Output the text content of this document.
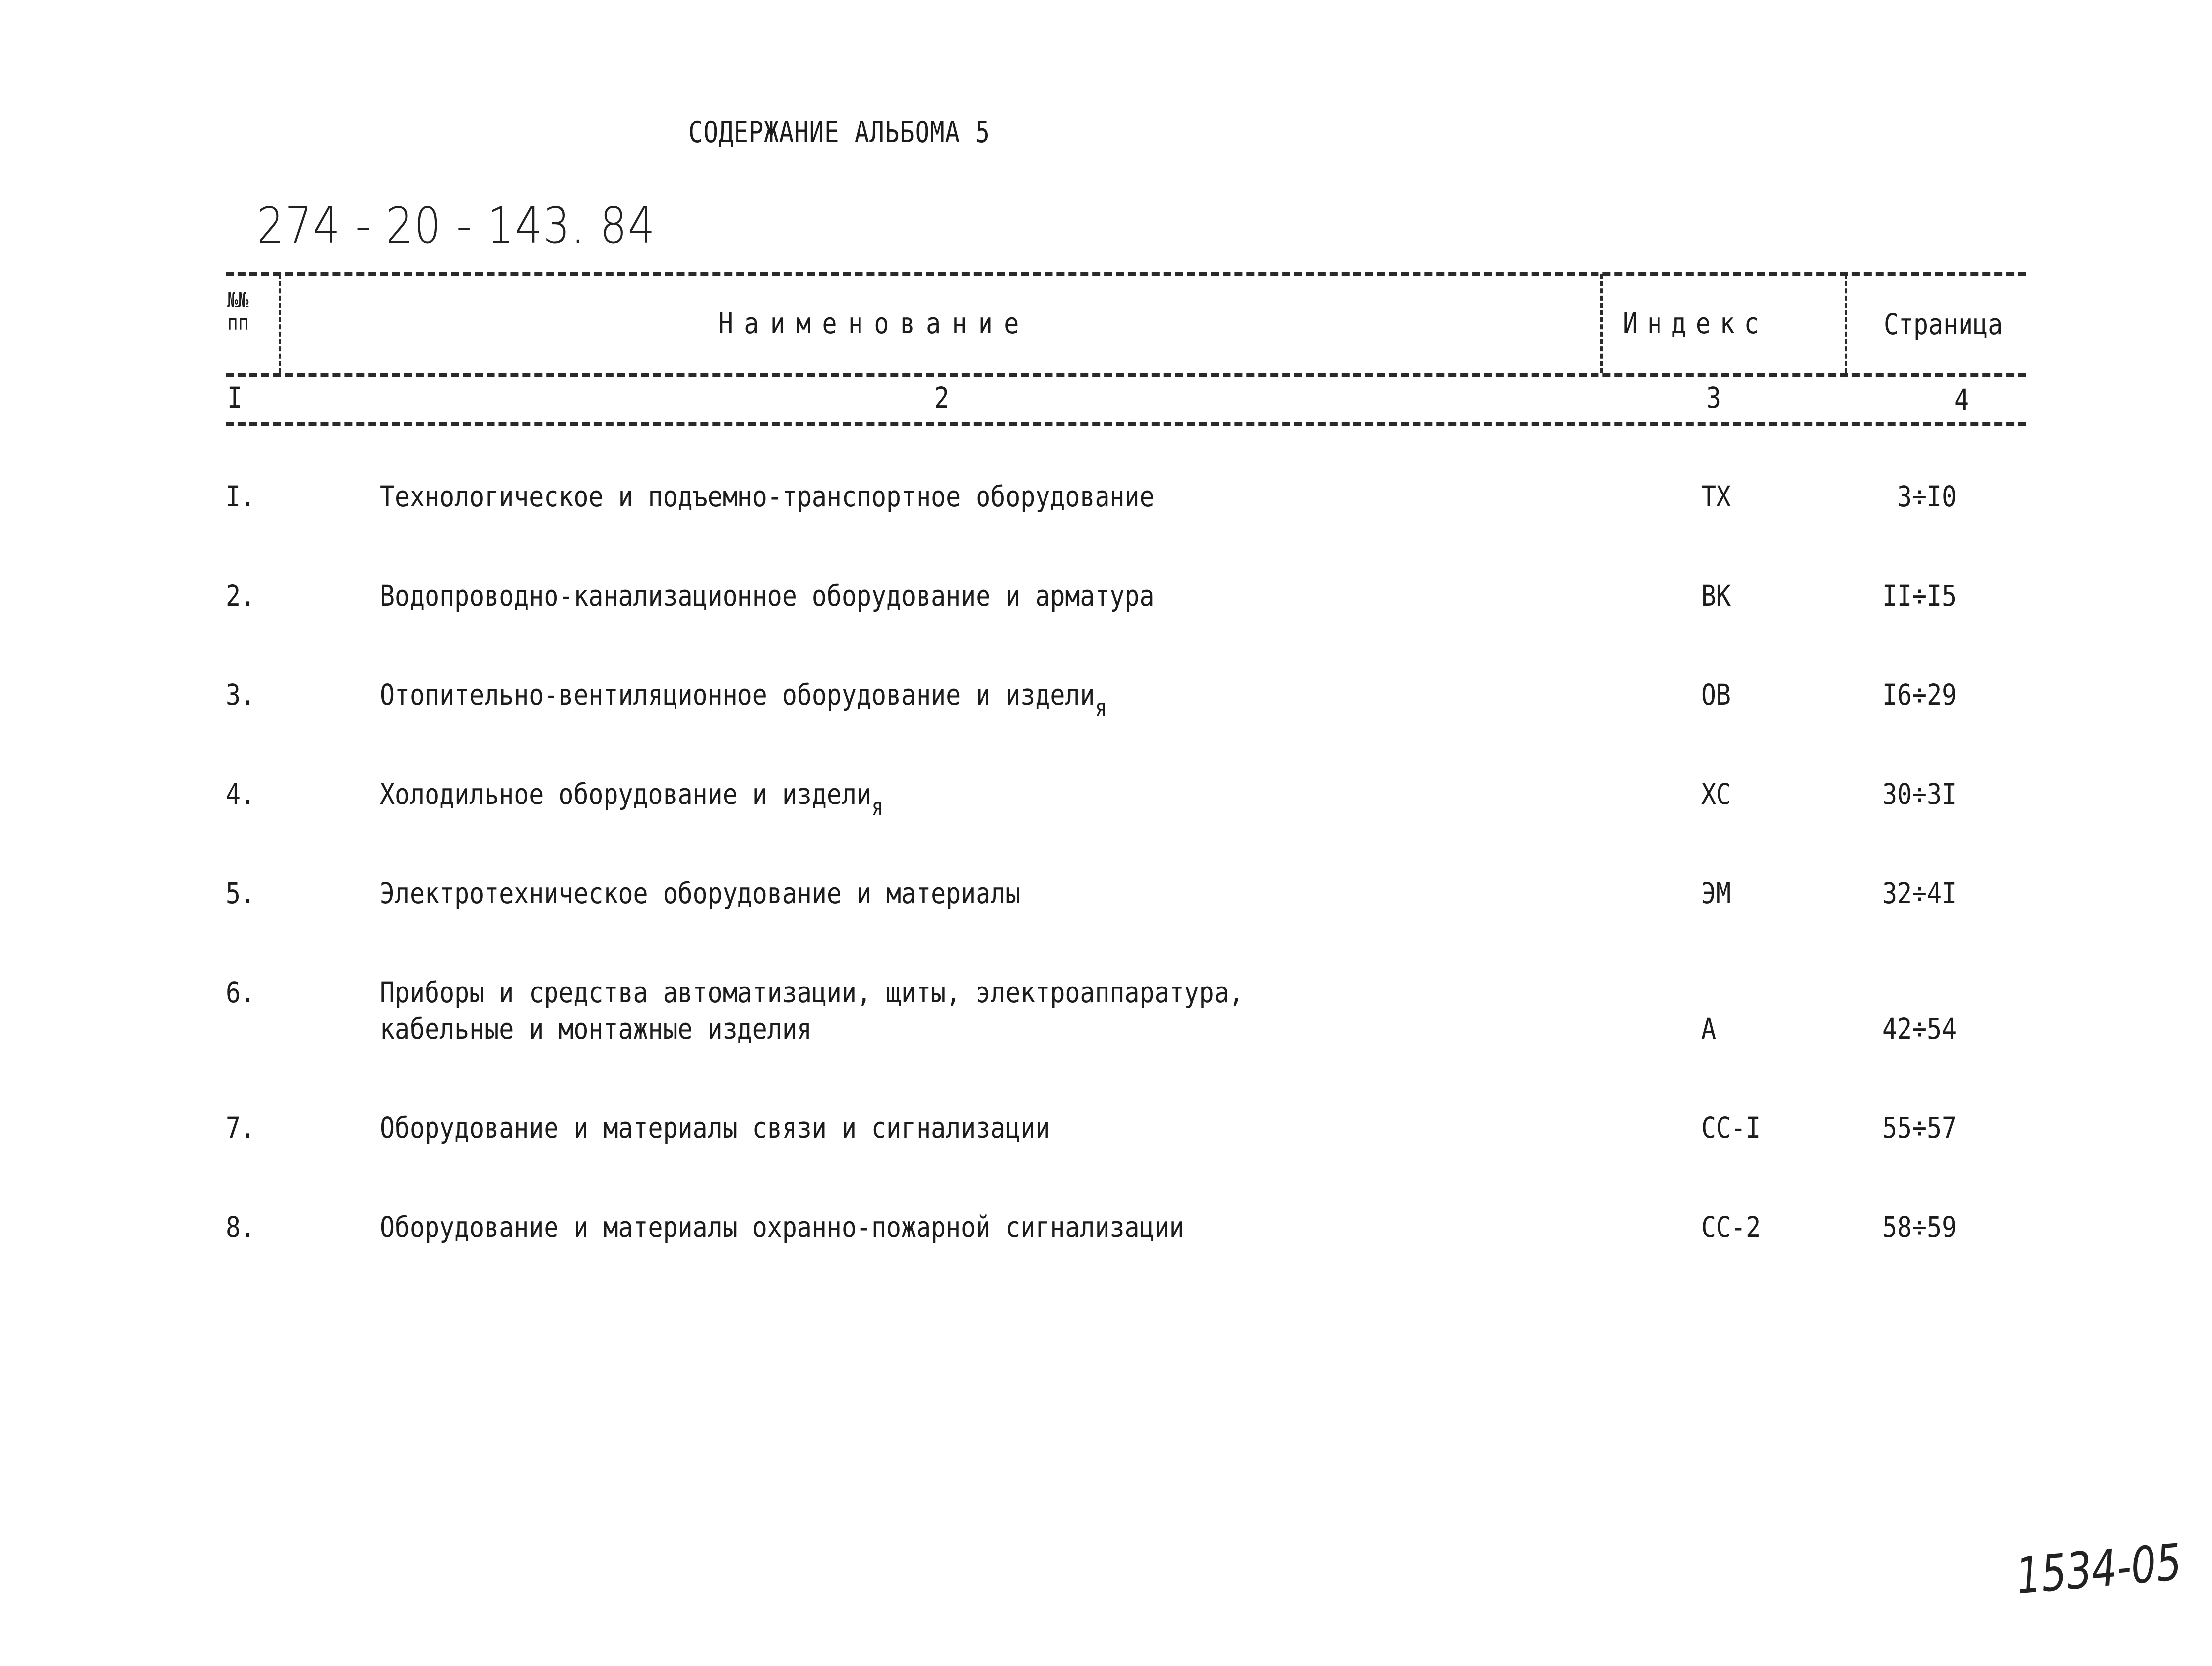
СОДЕРЖАНИЕ АЛЬБОМА 5
274 - 20 - 143. 84
№№
пп	Наименование	Индекс	Страница
I	2	3	4
I.	Технологическое и подъемно-транспортное оборудование	ТХ	3÷I0
2.	Водопроводно-канализационное оборудование и арматура	ВК	II÷I5
3.	Отопительно-вентиляционное оборудование и издели$_я$	ОВ	I6÷29
4.	Холодильное оборудование и издели$_я$	ХС	30÷3I
5.	Электротехническое оборудование и материалы	ЭМ	32÷4I
6.	Приборы и средства автоматизации, щиты, электроаппаратура,
кабельные и монтажные изделия	А	42÷54
7.	Оборудование и материалы связи и сигнализации	СС-I	55÷57
8.	Оборудование и материалы охранно-пожарной сигнализации	СС-2	58÷59
1534-05
